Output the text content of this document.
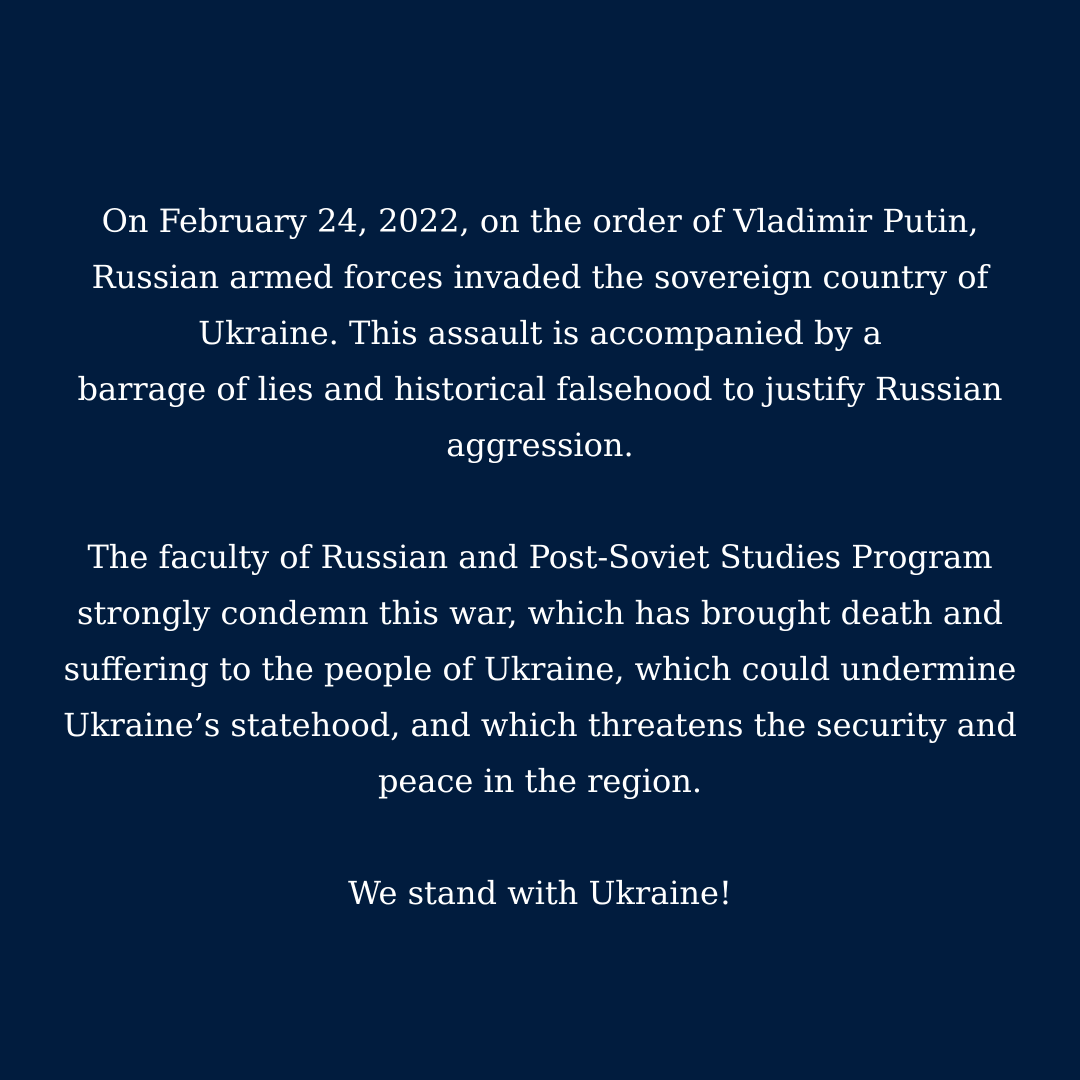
On February 24, 2022, on the order of Vladimir Putin,
Russian armed forces invaded the sovereign country of
Ukraine. This assault is accompanied by a
barrage of lies and historical falsehood to justify Russian
aggression.

The faculty of Russian and Post-Soviet Studies Program
strongly condemn this war, which has brought death and
suffering to the people of Ukraine, which could undermine
Ukraine’s statehood, and which threatens the security and
peace in the region.

We stand with Ukraine!
